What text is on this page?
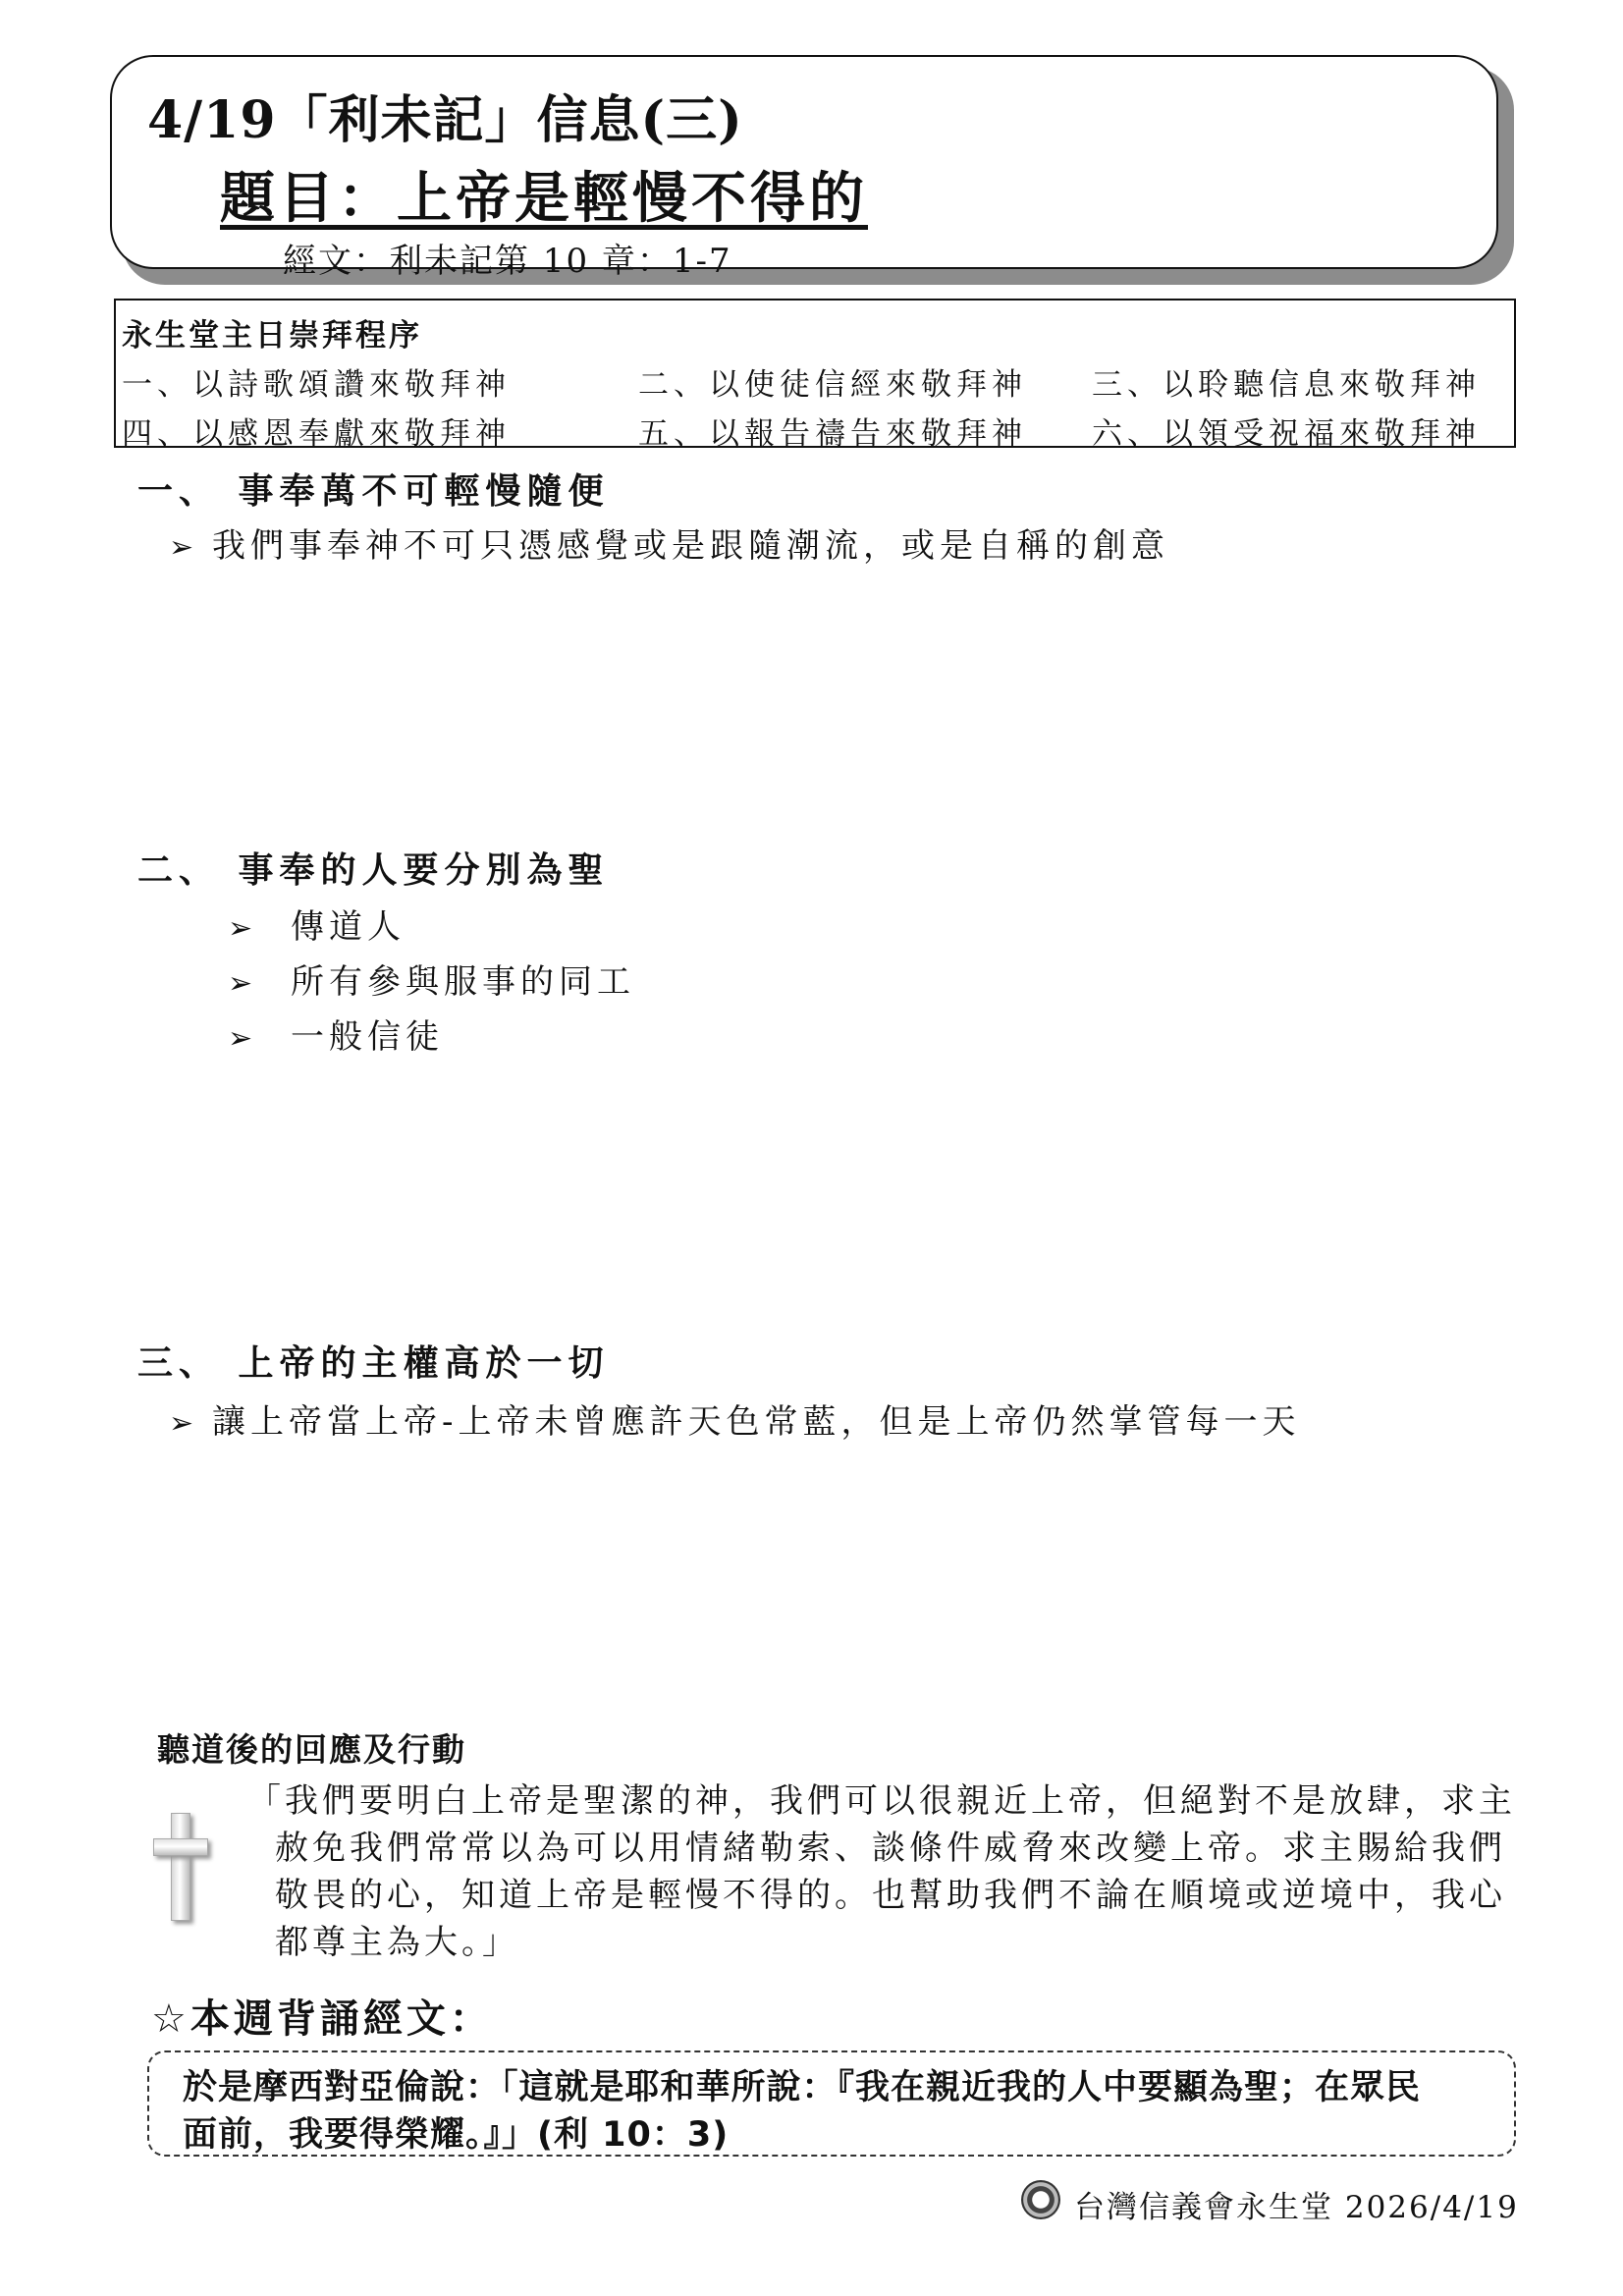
4/19「利未記」信息(三)
題目：上帝是輕慢不得的
經文：利未記第 10 章：1-7
永生堂主日崇拜程序
一、以詩歌頌讚來敬拜神	二、以使徒信經來敬拜神 三、以聆聽信息來敬拜神
四、以感恩奉獻來敬拜神	五、以報告禱告來敬拜神 六、以領受祝福來敬拜神
一、 事奉萬不可輕慢隨便
➢ 我們事奉神不可只憑感覺或是跟隨潮流，或是自稱的創意
二、 事奉的人要分別為聖
➢ 傳道人
➢ 所有參與服事的同工
➢ 一般信徒
三、 上帝的主權高於一切
➢ 讓上帝當上帝-上帝未曾應許天色常藍，但是上帝仍然掌管每一天
聽道後的回應及行動
「我們要明白上帝是聖潔的神，我們可以很親近上帝，但絕對不是放肆，求主
赦免我們常常以為可以用情緒勒索、談條件威脅來改變上帝。求主賜給我們
敬畏的心，知道上帝是輕慢不得的。也幫助我們不論在順境或逆境中，我心
都尊主為大。」
☆本週背誦經文：
於是摩西對亞倫說：「這就是耶和華所說：『我在親近我的人中要顯為聖；在眾民
面前，我要得榮耀。』」(利 10：3)
台灣信義會永生堂 2026/4/19
